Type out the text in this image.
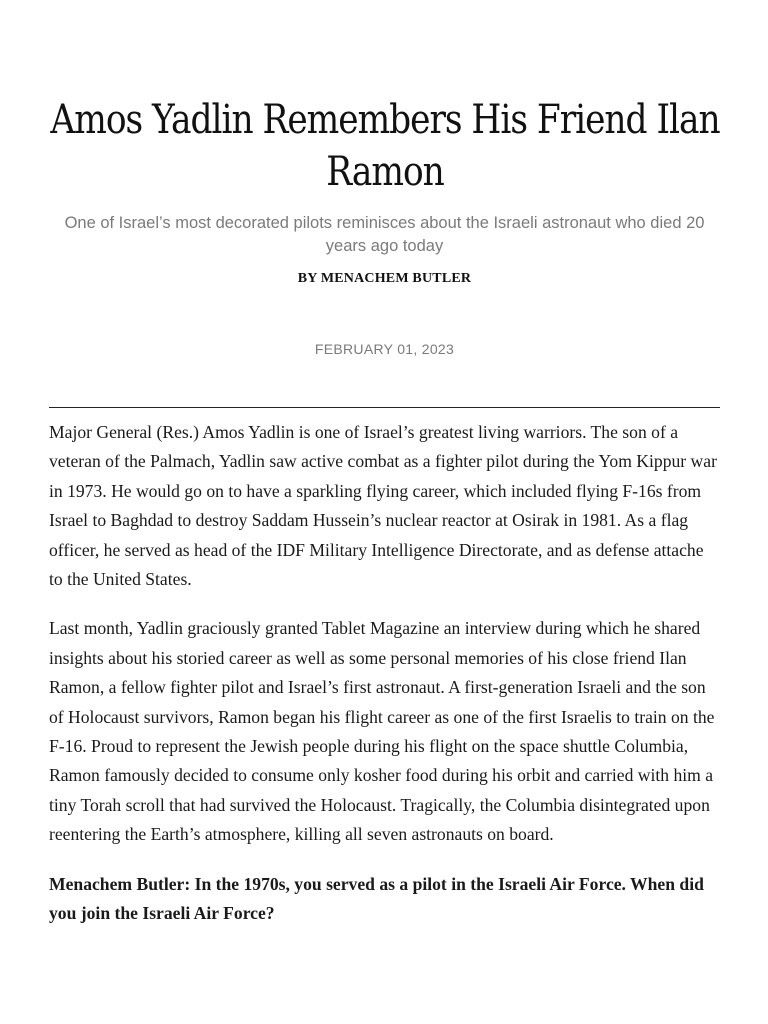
Amos Yadlin Remembers His Friend Ilan Ramon

One of Israel’s most decorated pilots reminisces about the Israeli astronaut who died 20 years ago today

BY MENACHEM BUTLER

FEBRUARY 01, 2023

Major General (Res.) Amos Yadlin is one of Israel’s greatest living warriors. The son of a veteran of the Palmach, Yadlin saw active combat as a fighter pilot during the Yom Kippur war in 1973. He would go on to have a sparkling flying career, which included flying F-16s from Israel to Baghdad to destroy Saddam Hussein’s nuclear reactor at Osirak in 1981. As a flag officer, he served as head of the IDF Military Intelligence Directorate, and as defense attache to the United States.

Last month, Yadlin graciously granted Tablet Magazine an interview during which he shared insights about his storied career as well as some personal memories of his close friend Ilan Ramon, a fellow fighter pilot and Israel’s first astronaut. A first-generation Israeli and the son of Holocaust survivors, Ramon began his flight career as one of the first Israelis to train on the F-16. Proud to represent the Jewish people during his flight on the space shuttle Columbia, Ramon famously decided to consume only kosher food during his orbit and carried with him a tiny Torah scroll that had survived the Holocaust. Tragically, the Columbia disintegrated upon reentering the Earth’s atmosphere, killing all seven astronauts on board.

Menachem Butler: In the 1970s, you served as a pilot in the Israeli Air Force. When did you join the Israeli Air Force?
